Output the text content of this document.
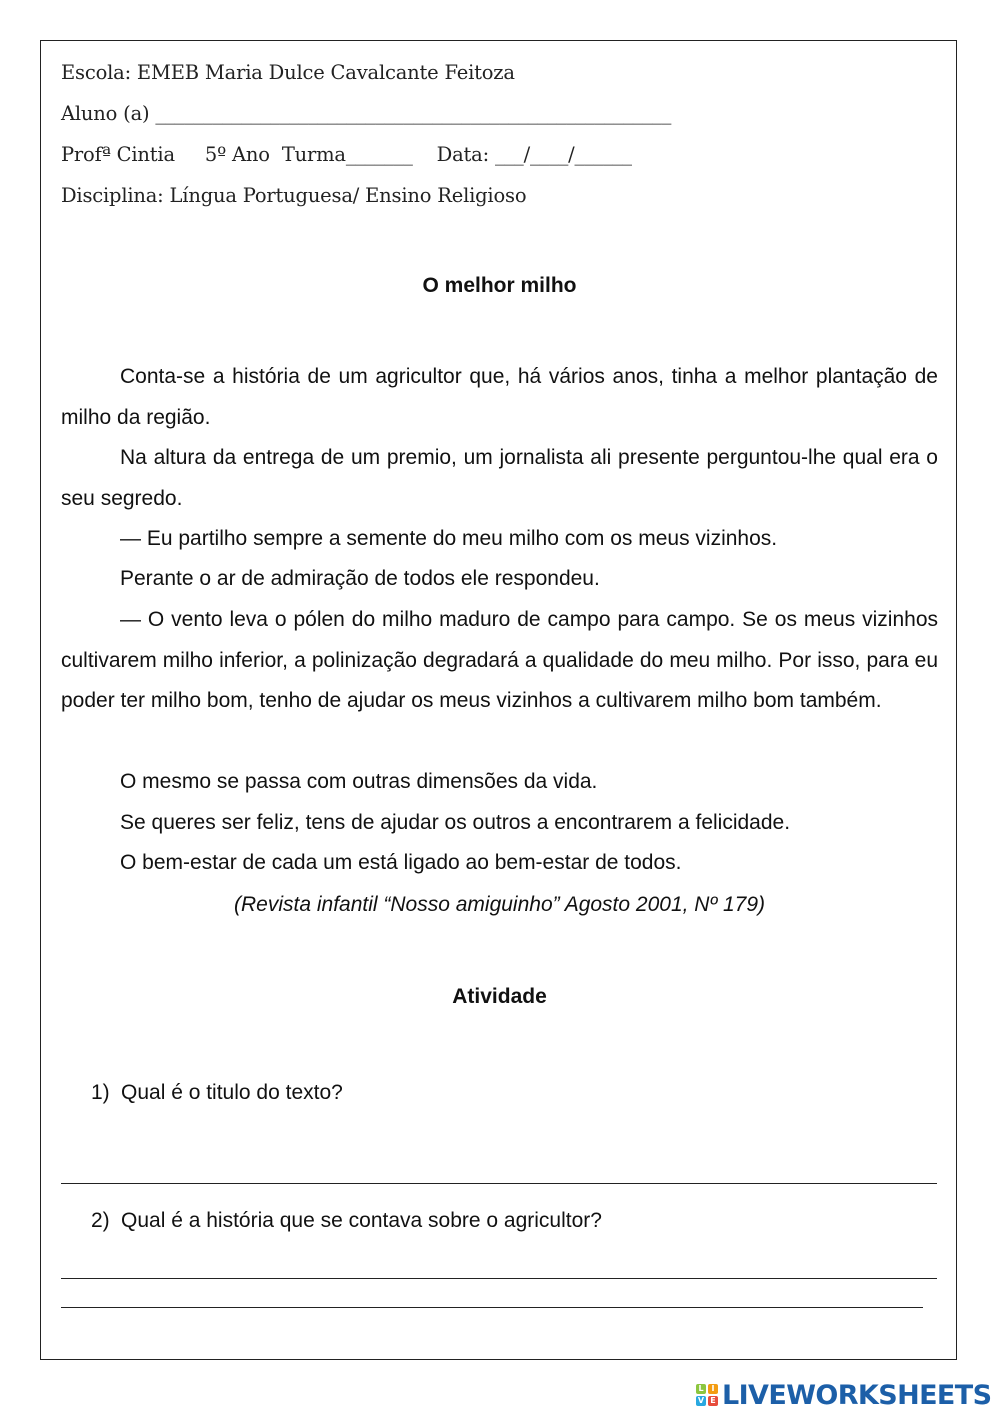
Escola: EMEB Maria Dulce Cavalcante Feitoza
Aluno (a) ______________________________________________________
Profª Cintia     5º Ano  Turma_______    Data: ___/____/______
Disciplina: Língua Portuguesa/ Ensino Religioso
O melhor milho

Conta-se a história de um agricultor que, há vários anos, tinha a melhor plantação de milho da região.

Na altura da entrega de um premio, um jornalista ali presente perguntou-lhe qual era o seu segredo.

— Eu partilho sempre a semente do meu milho com os meus vizinhos.

Perante o ar de admiração de todos ele respondeu.

— O vento leva o pólen do milho maduro de campo para campo. Se os meus vizinhos cultivarem milho inferior, a polinização degradará a qualidade do meu milho. Por isso, para eu poder ter milho bom, tenho de ajudar os meus vizinhos a cultivarem milho bom também.

O mesmo se passa com outras dimensões da vida.

Se queres ser feliz, tens de ajudar os outros a encontrarem a felicidade.

O bem-estar de cada um está ligado ao bem-estar de todos.

(Revista infantil “Nosso amiguinho” Agosto 2001, Nº 179)
Atividade
1) Qual é o titulo do texto?
2) Qual é a história que se contava sobre o agricultor?
L I
V E LIVEWORKSHEETS
